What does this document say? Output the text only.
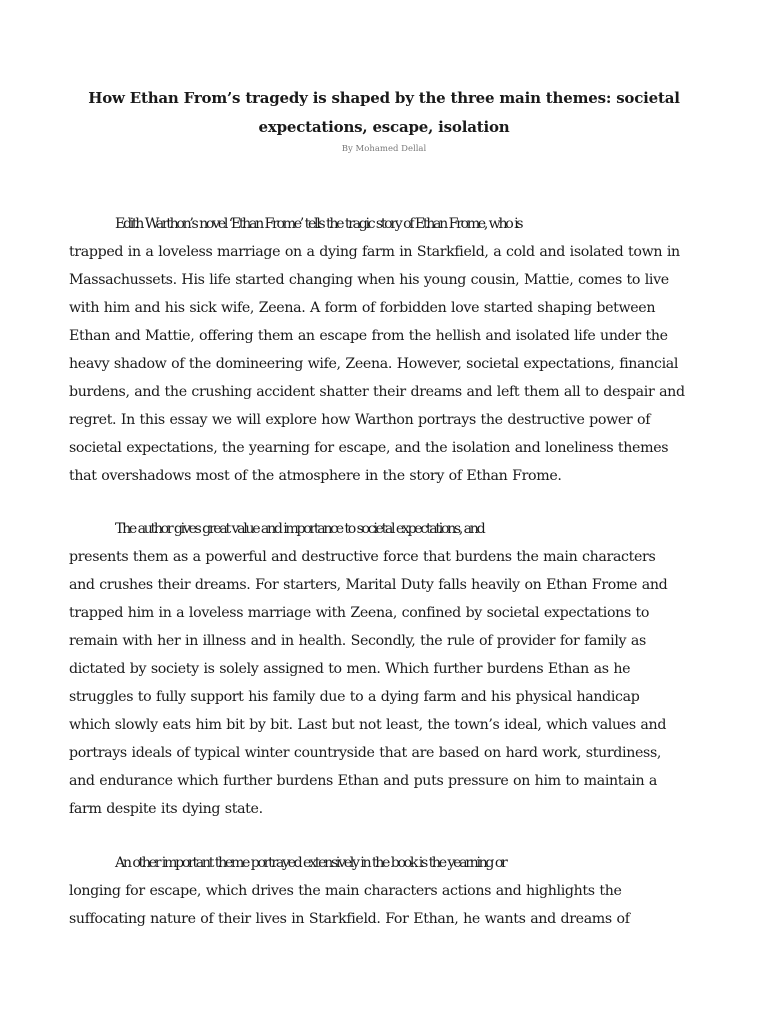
How Ethan From’s tragedy is shaped by the three main themes: societal
expectations, escape, isolation

By Mohamed Dellal

Edith Warthon’s novel ‘Ethan Frome’ tells the tragic story of Ethan Frome, who is
trapped in a loveless marriage on a dying farm in Starkfield, a cold and isolated town in
Massachussets. His life started changing when his young cousin, Mattie, comes to live
with him and his sick wife, Zeena. A form of forbidden love started shaping between
Ethan and Mattie, offering them an escape from the hellish and isolated life under the
heavy shadow of the domineering wife, Zeena. However, societal expectations, financial
burdens, and the crushing accident shatter their dreams and left them all to despair and
regret. In this essay we will explore how Warthon portrays the destructive power of
societal expectations, the yearning for escape, and the isolation and loneliness themes
that overshadows most of the atmosphere in the story of Ethan Frome.

The author gives great value and importance to societal expectations, and
presents them as a powerful and destructive force that burdens the main characters
and crushes their dreams. For starters, Marital Duty falls heavily on Ethan Frome and
trapped him in a loveless marriage with Zeena, confined by societal expectations to
remain with her in illness and in health. Secondly, the rule of provider for family as
dictated by society is solely assigned to men. Which further burdens Ethan as he
struggles to fully support his family due to a dying farm and his physical handicap
which slowly eats him bit by bit. Last but not least, the town’s ideal, which values and
portrays ideals of typical winter countryside that are based on hard work, sturdiness,
and endurance which further burdens Ethan and puts pressure on him to maintain a
farm despite its dying state.

An other important theme portrayed extensively in the book is the yearning or
longing for escape, which drives the main characters actions and highlights the
suffocating nature of their lives in Starkfield. For Ethan, he wants and dreams of
